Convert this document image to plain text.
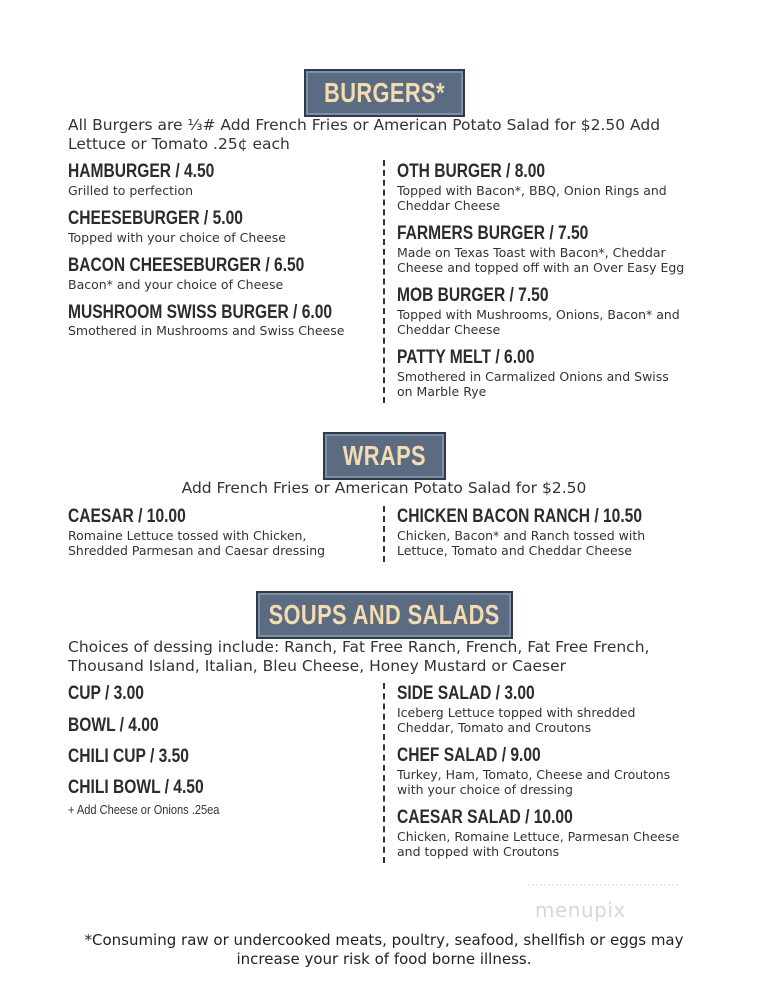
BURGERS*
All Burgers are ⅓# Add French Fries or American Potato Salad for $2.50 Add Lettuce or Tomato .25¢ each
HAMBURGER / 4.50
Grilled to perfection
CHEESEBURGER / 5.00
Topped with your choice of Cheese
BACON CHEESEBURGER / 6.50
Bacon* and your choice of Cheese
MUSHROOM SWISS BURGER / 6.00
Smothered in Mushrooms and Swiss Cheese
OTH BURGER / 8.00
Topped with Bacon*, BBQ, Onion Rings and
Cheddar Cheese
FARMERS BURGER / 7.50
Made on Texas Toast with Bacon*, Cheddar
Cheese and topped off with an Over Easy Egg
MOB BURGER / 7.50
Topped with Mushrooms, Onions, Bacon* and
Cheddar Cheese
PATTY MELT / 6.00
Smothered in Carmalized Onions and Swiss
on Marble Rye
WRAPS
Add French Fries or American Potato Salad for $2.50
CAESAR / 10.00
Romaine Lettuce tossed with Chicken,
Shredded Parmesan and Caesar dressing
CHICKEN BACON RANCH / 10.50
Chicken, Bacon* and Ranch tossed with
Lettuce, Tomato and Cheddar Cheese
SOUPS AND SALADS
Choices of dessing include: Ranch, Fat Free Ranch, French, Fat Free French, Thousand Island, Italian, Bleu Cheese, Honey Mustard or Caeser
CUP / 3.00
BOWL / 4.00
CHILI CUP / 3.50
CHILI BOWL / 4.50
+ Add Cheese or Onions .25ea
SIDE SALAD / 3.00
Iceberg Lettuce topped with shredded
Cheddar, Tomato and Croutons
CHEF SALAD / 9.00
Turkey, Ham, Tomato, Cheese and Croutons
with your choice of dressing
CAESAR SALAD / 10.00
Chicken, Romaine Lettuce, Parmesan Cheese
and topped with Croutons
menupix
*Consuming raw or undercooked meats, poultry, seafood, shellfish or eggs may increase your risk of food borne illness.
